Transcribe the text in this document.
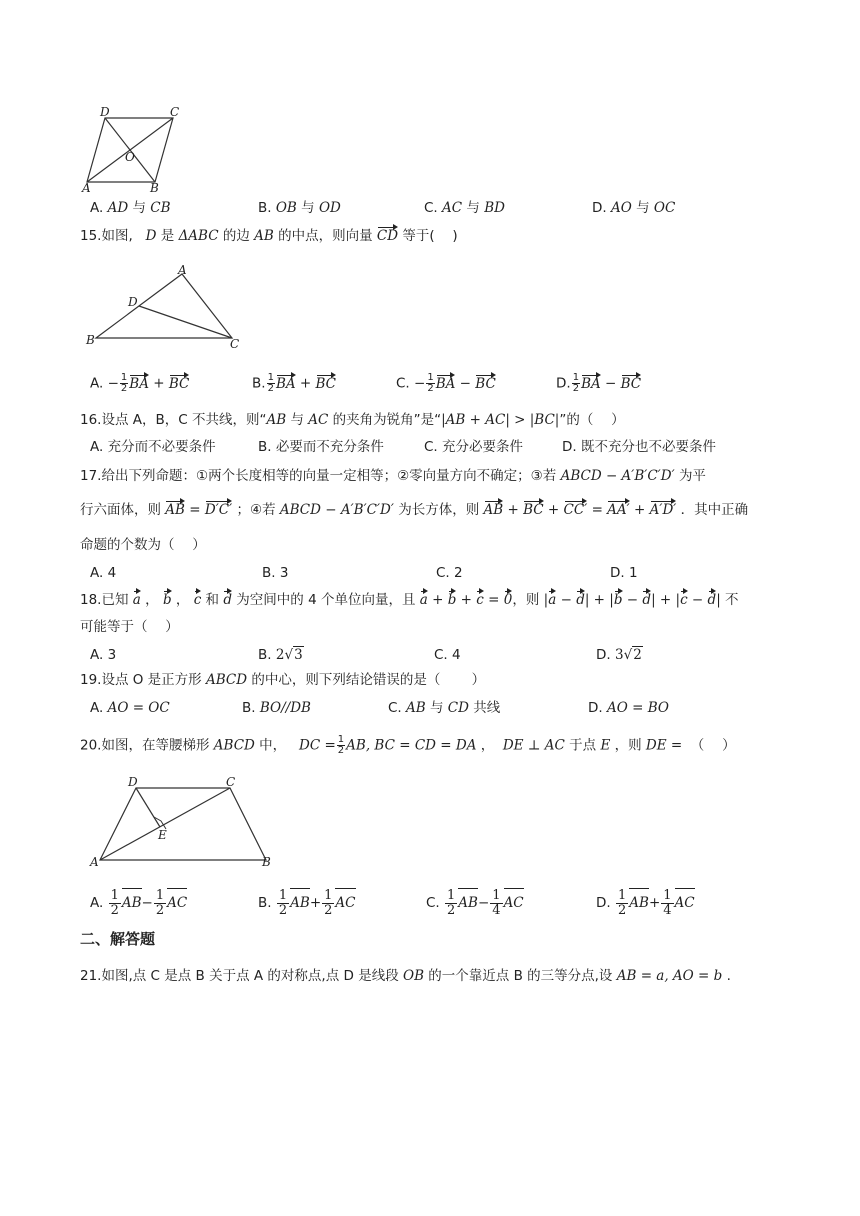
D	C
O
A	B
A. AD 与 CB	B. OB 与 OD	C. AC 与 BD	D. AO 与 OC
15.如图, D 是 ΔABC 的边 AB 的中点，则向量 CD 等于(　 )
A
D
B	C
A. − $\frac{1}{2}$ BA + BC	B. $\frac{1}{2}$ BA + BC	C. − $\frac{1}{2}$ BA − BC	D. $\frac{1}{2}$ BA − BC
16.设点 A，B，C 不共线，则“AB 与 AC 的夹角为锐角”是“|AB + AC| > |BC|”的（　 ）
A. 充分而不必要条件	B. 必要而不充分条件	C. 充分必要条件	D. 既不充分也不必要条件
17.给出下列命题：①两个长度相等的向量一定相等；②零向量方向不确定；③若 ABCD − A′B′C′D′ 为平
行六面体，则 AB = D′C′ ；④若 ABCD − A′B′C′D′ 为长方体，则 AB + BC + CC′ = AA′ + A′D′ ．其中正确
命题的个数为（　 ）
A. 4	B. 3	C. 2	D. 1
18.已知 a ， b ， c 和 d 为空间中的 4 个单位向量，且 a + b + c = 0，则 |a − d| + |b − d| + |c − d| 不
可能等于（　 ）
A. 3	B. 2√3	C. 4	D. 3√2
19.设点 O 是正方形 ABCD 的中心，则下列结论错误的是（　　 ）
A. AO = OC	B. BO//DB	C. AB 与 CD 共线	D. AO = BO
20.如图，在等腰梯形 ABCD 中， DC = $\frac{1}{2}$ AB, BC = CD = DA ，  DE ⊥ AC 于点 E ，则 DE = （　 ）
D	C
E
A	B
A. $\frac{1}{2} AB- \frac{1}{2}$ AC	B. $\frac{1}{2} AB+ \frac{1}{2}$ AC	C. $\frac{1}{2} AB- \frac{1}{4}$ AC	D. $\frac{1}{2} AB+ \frac{1}{4}$ AC
二、解答题
21.如图,点 C 是点 B 关于点 A 的对称点,点 D 是线段 OB 的一个靠近点 B 的三等分点,设 AB = a, AO = b .
